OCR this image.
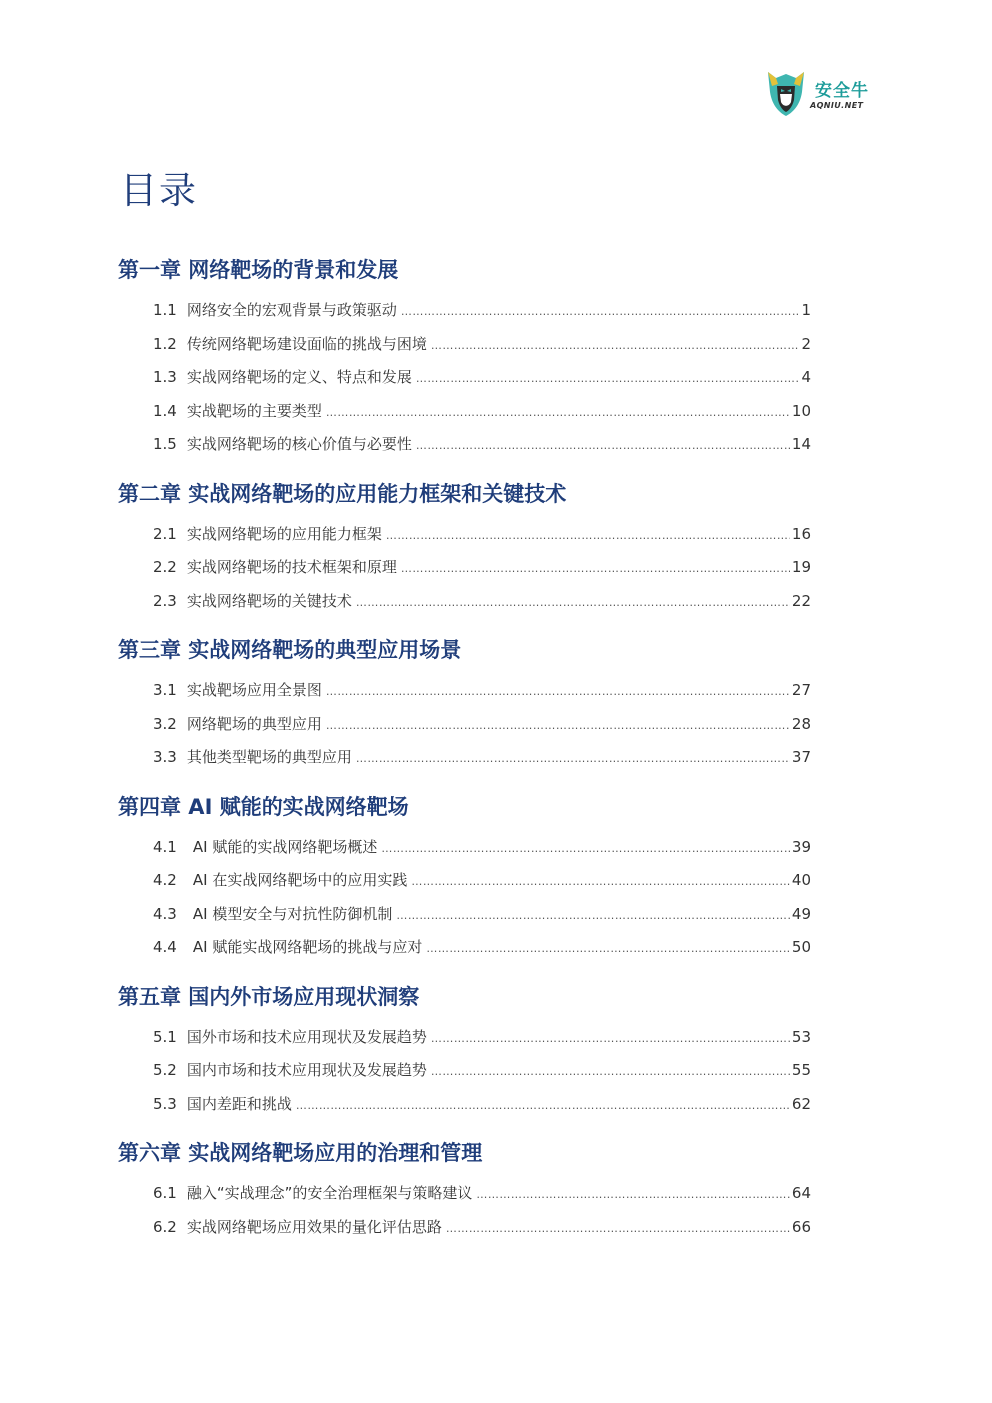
安全牛
AQNIU.NET
目录
第一章 网络靶场的背景和发展
1.1 网络安全的宏观背景与政策驱动 ……………………………………………………………………………………………………………………………………………………………………………………………………………………………	1
1.2 传统网络靶场建设面临的挑战与困境 ……………………………………………………………………………………………………………………………………………………………………………………………………………………………	2
1.3 实战网络靶场的定义、特点和发展 ……………………………………………………………………………………………………………………………………………………………………………………………………………………………	4
1.4 实战靶场的主要类型 ……………………………………………………………………………………………………………………………………………………………………………………………………………………………	10
1.5 实战网络靶场的核心价值与必要性 ……………………………………………………………………………………………………………………………………………………………………………………………………………………………	14
第二章 实战网络靶场的应用能力框架和关键技术
2.1 实战网络靶场的应用能力框架 ……………………………………………………………………………………………………………………………………………………………………………………………………………………………	16
2.2 实战网络靶场的技术框架和原理 ……………………………………………………………………………………………………………………………………………………………………………………………………………………………	19
2.3 实战网络靶场的关键技术 ……………………………………………………………………………………………………………………………………………………………………………………………………………………………	22
第三章 实战网络靶场的典型应用场景
3.1 实战靶场应用全景图 ……………………………………………………………………………………………………………………………………………………………………………………………………………………………	27
3.2 网络靶场的典型应用 ……………………………………………………………………………………………………………………………………………………………………………………………………………………………	28
3.3 其他类型靶场的典型应用 ……………………………………………………………………………………………………………………………………………………………………………………………………………………………	37
第四章 AI 赋能的实战网络靶场
4.1 AI 赋能的实战网络靶场概述 ……………………………………………………………………………………………………………………………………………………………………………………………………………………………	39
4.2 AI 在实战网络靶场中的应用实践 ……………………………………………………………………………………………………………………………………………………………………………………………………………………………	40
4.3 AI 模型安全与对抗性防御机制 ……………………………………………………………………………………………………………………………………………………………………………………………………………………………	49
4.4 AI 赋能实战网络靶场的挑战与应对 ……………………………………………………………………………………………………………………………………………………………………………………………………………………………	50
第五章 国内外市场应用现状洞察
5.1 国外市场和技术应用现状及发展趋势 ……………………………………………………………………………………………………………………………………………………………………………………………………………………………	53
5.2 国内市场和技术应用现状及发展趋势 ……………………………………………………………………………………………………………………………………………………………………………………………………………………………	55
5.3 国内差距和挑战 ……………………………………………………………………………………………………………………………………………………………………………………………………………………………	62
第六章 实战网络靶场应用的治理和管理
6.1 融入“实战理念”的安全治理框架与策略建议 ……………………………………………………………………………………………………………………………………………………………………………………………………………………………	64
6.2 实战网络靶场应用效果的量化评估思路 ……………………………………………………………………………………………………………………………………………………………………………………………………………………………	66
